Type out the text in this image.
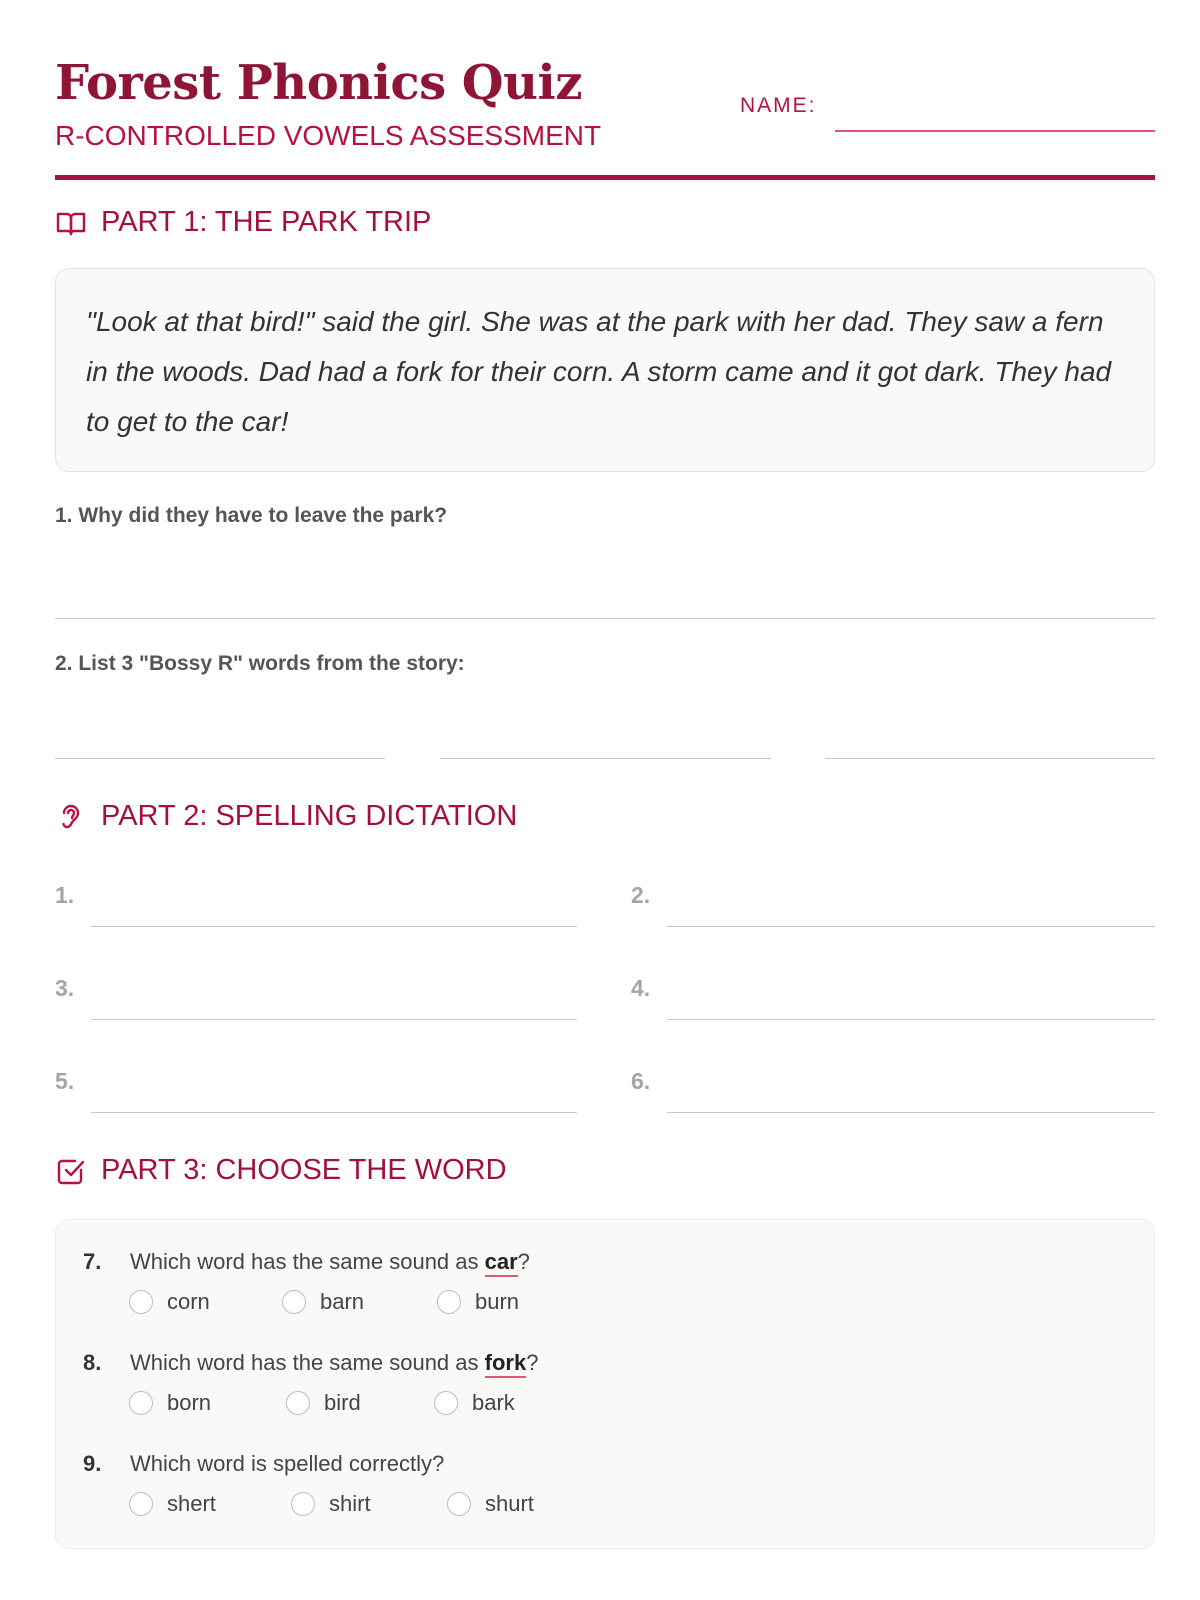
Forest Phonics Quiz
R-CONTROLLED VOWELS ASSESSMENT
NAME:
PART 1: THE PARK TRIP
"Look at that bird!" said the girl. She was at the park with her dad. They saw a fern in the woods. Dad had a fork for their corn. A storm came and it got dark. They had to get to the car!
1. Why did they have to leave the park?
2. List 3 "Bossy R" words from the story:
PART 2: SPELLING DICTATION
1.	2.
3.	4.
5.	6.
PART 3: CHOOSE THE WORD
7. Which word has the same sound as car?
corn	barn	burn
8. Which word has the same sound as fork?
born	bird	bark
9. Which word is spelled correctly?
shert	shirt	shurt
